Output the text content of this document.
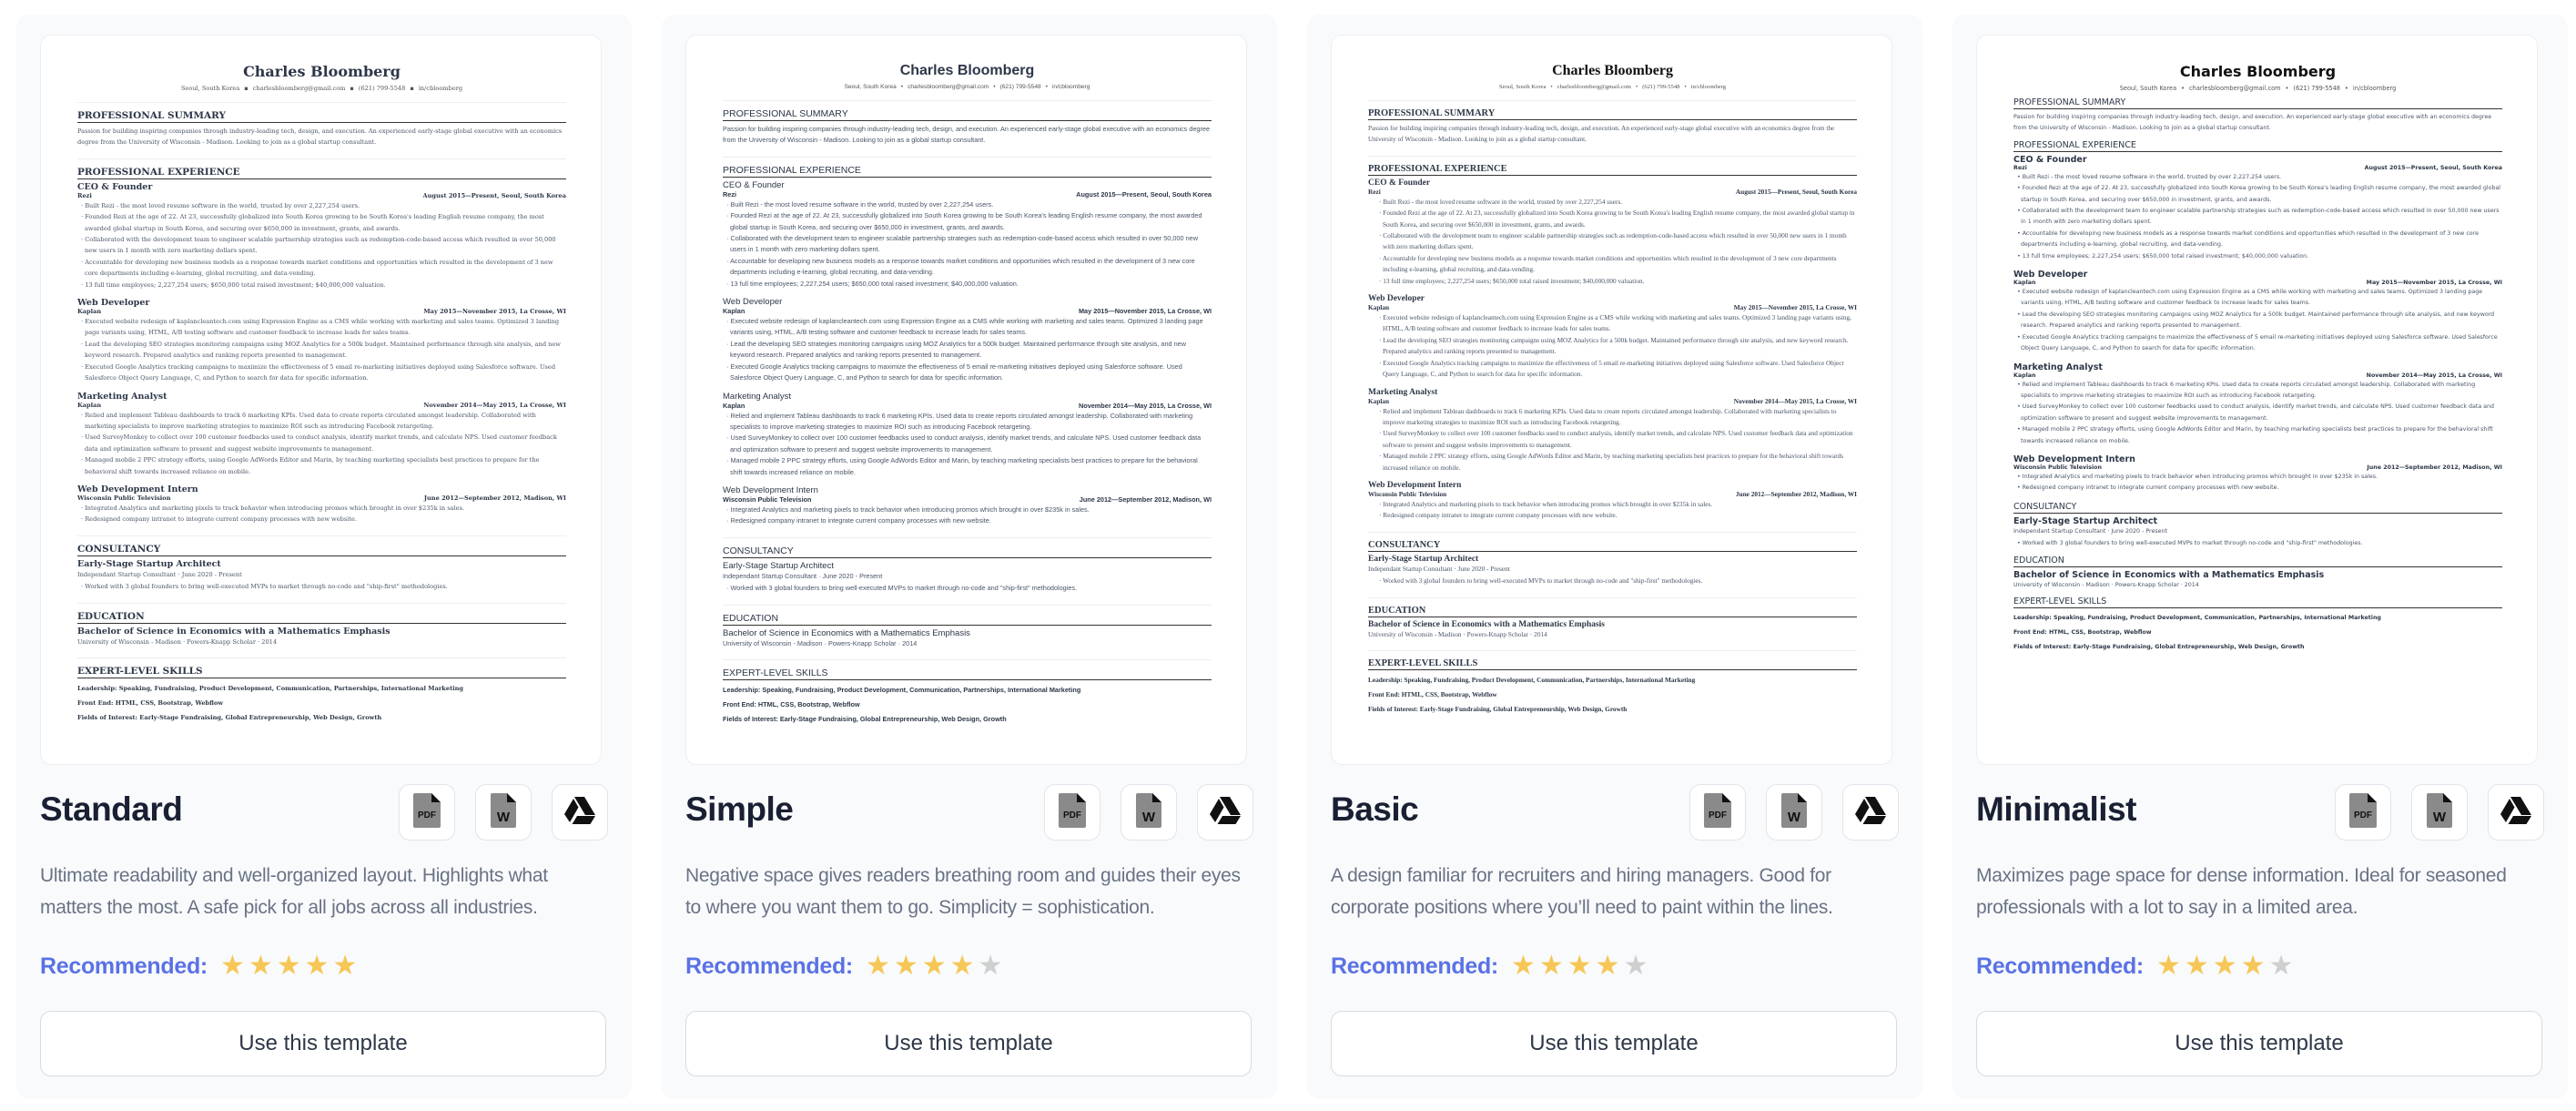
Charles Bloomberg
Seoul, South Korea ▪ charlesbloomberg@gmail.com ▪ (621) 799-5548 ▪ in/cbloomberg
PROFESSIONAL SUMMARY
Passion for building inspiring companies through industry-leading tech, design, and execution. An experienced early-stage global executive with an economics degree from the University of Wisconsin - Madison. Looking to join as a global startup consultant.
PROFESSIONAL EXPERIENCE
CEO & Founder
Rezi	August 2015—Present, Seoul, South Korea
· Built Rezi - the most loved resume software in the world, trusted by over 2,227,254 users.
· Founded Rezi at the age of 22. At 23, successfully globalized into South Korea growing to be South Korea's leading English resume company, the most awarded global startup in South Korea, and securing over $650,000 in investment, grants, and awards.
· Collaborated with the development team to engineer scalable partnership strategies such as redemption-code-based access which resulted in over 50,000 new users in 1 month with zero marketing dollars spent.
· Accountable for developing new business models as a response towards market conditions and opportunities which resulted in the development of 3 new core departments including e-learning, global recruiting, and data-vending.
· 13 full time employees; 2,227,254 users; $650,000 total raised investment; $40,000,000 valuation.
Web Developer
Kaplan	May 2015—November 2015, La Crosse, WI
· Executed website redesign of kaplancleantech.com using Expression Engine as a CMS while working with marketing and sales teams. Optimized 3 landing page variants using, HTML, A/B testing software and customer feedback to increase leads for sales teams.
· Lead the developing SEO strategies monitoring campaigns using MOZ Analytics for a 500k budget. Maintained performance through site analysis, and new keyword research. Prepared analytics and ranking reports presented to management.
· Executed Google Analytics tracking campaigns to maximize the effectiveness of 5 email re-marketing initiatives deployed using Salesforce software. Used Salesforce Object Query Language, C, and Python to search for data for specific information.
Marketing Analyst
Kaplan	November 2014—May 2015, La Crosse, WI
· Relied and implement Tableau dashboards to track 6 marketing KPIs. Used data to create reports circulated amongst leadership. Collaborated with marketing specialists to improve marketing strategies to maximize ROI such as introducing Facebook retargeting.
· Used SurveyMonkey to collect over 100 customer feedbacks used to conduct analysis, identify market trends, and calculate NPS. Used customer feedback data and optimization software to present and suggest website improvements to management.
· Managed mobile 2 PPC strategy efforts, using Google AdWords Editor and Marin, by teaching marketing specialists best practices to prepare for the behavioral shift towards increased reliance on mobile.
Web Development Intern
Wisconsin Public Television	June 2012—September 2012, Madison, WI
· Integrated Analytics and marketing pixels to track behavior when introducing promos which brought in over $235k in sales.
· Redesigned company intranet to integrate current company processes with new website.
CONSULTANCY
Early-Stage Startup Architect
Independant Startup Consultant · June 2020 - Present
· Worked with 3 global founders to bring well-executed MVPs to market through no-code and "ship-first" methodologies.
EDUCATION
Bachelor of Science in Economics with a Mathematics Emphasis
University of Wisconsin - Madison · Powers-Knapp Scholar · 2014
EXPERT-LEVEL SKILLS
Leadership: Speaking, Fundraising, Product Development, Communication, Partnerships, International Marketing
Front End: HTML, CSS, Bootstrap, Webflow
Fields of Interest: Early-Stage Fundraising, Global Entrepreneurship, Web Design, Growth
Standard	PDF	W
Ultimate readability and well-organized layout. Highlights what matters the most. A safe pick for all jobs across all industries.
Recommended: ★ ★ ★ ★ ★
Use this template
Charles Bloomberg
Seoul, South Korea • charlesbloomberg@gmail.com • (621) 799-5548 • in/cbloomberg
PROFESSIONAL SUMMARY
Passion for building inspiring companies through industry-leading tech, design, and execution. An experienced early-stage global executive with an economics degree from the University of Wisconsin - Madison. Looking to join as a global startup consultant.
PROFESSIONAL EXPERIENCE
CEO & Founder
Rezi	August 2015—Present, Seoul, South Korea
· Built Rezi - the most loved resume software in the world, trusted by over 2,227,254 users.
· Founded Rezi at the age of 22. At 23, successfully globalized into South Korea growing to be South Korea's leading English resume company, the most awarded global startup in South Korea, and securing over $650,000 in investment, grants, and awards.
· Collaborated with the development team to engineer scalable partnership strategies such as redemption-code-based access which resulted in over 50,000 new users in 1 month with zero marketing dollars spent.
· Accountable for developing new business models as a response towards market conditions and opportunities which resulted in the development of 3 new core departments including e-learning, global recruiting, and data-vending.
· 13 full time employees; 2,227,254 users; $650,000 total raised investment; $40,000,000 valuation.
Web Developer
Kaplan	May 2015—November 2015, La Crosse, WI
· Executed website redesign of kaplancleantech.com using Expression Engine as a CMS while working with marketing and sales teams. Optimized 3 landing page variants using, HTML, A/B testing software and customer feedback to increase leads for sales teams.
· Lead the developing SEO strategies monitoring campaigns using MOZ Analytics for a 500k budget. Maintained performance through site analysis, and new keyword research. Prepared analytics and ranking reports presented to management.
· Executed Google Analytics tracking campaigns to maximize the effectiveness of 5 email re-marketing initiatives deployed using Salesforce software. Used Salesforce Object Query Language, C, and Python to search for data for specific information.
Marketing Analyst
Kaplan	November 2014—May 2015, La Crosse, WI
· Relied and implement Tableau dashboards to track 6 marketing KPIs. Used data to create reports circulated amongst leadership. Collaborated with marketing specialists to improve marketing strategies to maximize ROI such as introducing Facebook retargeting.
· Used SurveyMonkey to collect over 100 customer feedbacks used to conduct analysis, identify market trends, and calculate NPS. Used customer feedback data and optimization software to present and suggest website improvements to management.
· Managed mobile 2 PPC strategy efforts, using Google AdWords Editor and Marin, by teaching marketing specialists best practices to prepare for the behavioral shift towards increased reliance on mobile.
Web Development Intern
Wisconsin Public Television	June 2012—September 2012, Madison, WI
· Integrated Analytics and marketing pixels to track behavior when introducing promos which brought in over $235k in sales.
· Redesigned company intranet to integrate current company processes with new website.
CONSULTANCY
Early-Stage Startup Architect
Independant Startup Consultant · June 2020 - Present
· Worked with 3 global founders to bring well-executed MVPs to market through no-code and "ship-first" methodologies.
EDUCATION
Bachelor of Science in Economics with a Mathematics Emphasis
University of Wisconsin - Madison · Powers-Knapp Scholar · 2014
EXPERT-LEVEL SKILLS
Leadership: Speaking, Fundraising, Product Development, Communication, Partnerships, International Marketing
Front End: HTML, CSS, Bootstrap, Webflow
Fields of Interest: Early-Stage Fundraising, Global Entrepreneurship, Web Design, Growth
Simple	PDF	W
Negative space gives readers breathing room and guides their eyes to where you want them to go. Simplicity = sophistication.
Recommended: ★ ★ ★ ★ ★
Use this template
Charles Bloomberg
Seoul, South Korea • charlesbloomberg@gmail.com • (621) 799-5548 • in/cbloomberg
PROFESSIONAL SUMMARY
Passion for building inspiring companies through industry-leading tech, design, and execution. An experienced early-stage global executive with an economics degree from the University of Wisconsin - Madison. Looking to join as a global startup consultant.
PROFESSIONAL EXPERIENCE
CEO & Founder
Rezi	August 2015—Present, Seoul, South Korea
· Built Rezi - the most loved resume software in the world, trusted by over 2,227,254 users.
· Founded Rezi at the age of 22. At 23, successfully globalized into South Korea growing to be South Korea's leading English resume company, the most awarded global startup in South Korea, and securing over $650,000 in investment, grants, and awards.
· Collaborated with the development team to engineer scalable partnership strategies such as redemption-code-based access which resulted in over 50,000 new users in 1 month with zero marketing dollars spent.
· Accountable for developing new business models as a response towards market conditions and opportunities which resulted in the development of 3 new core departments including e-learning, global recruiting, and data-vending.
· 13 full time employees; 2,227,254 users; $650,000 total raised investment; $40,000,000 valuation.
Web Developer
Kaplan	May 2015—November 2015, La Crosse, WI
· Executed website redesign of kaplancleantech.com using Expression Engine as a CMS while working with marketing and sales teams. Optimized 3 landing page variants using, HTML, A/B testing software and customer feedback to increase leads for sales teams.
· Lead the developing SEO strategies monitoring campaigns using MOZ Analytics for a 500k budget. Maintained performance through site analysis, and new keyword research. Prepared analytics and ranking reports presented to management.
· Executed Google Analytics tracking campaigns to maximize the effectiveness of 5 email re-marketing initiatives deployed using Salesforce software. Used Salesforce Object Query Language, C, and Python to search for data for specific information.
Marketing Analyst
Kaplan	November 2014—May 2015, La Crosse, WI
· Relied and implement Tableau dashboards to track 6 marketing KPIs. Used data to create reports circulated amongst leadership. Collaborated with marketing specialists to improve marketing strategies to maximize ROI such as introducing Facebook retargeting.
· Used SurveyMonkey to collect over 100 customer feedbacks used to conduct analysis, identify market trends, and calculate NPS. Used customer feedback data and optimization software to present and suggest website improvements to management.
· Managed mobile 2 PPC strategy efforts, using Google AdWords Editor and Marin, by teaching marketing specialists best practices to prepare for the behavioral shift towards increased reliance on mobile.
Web Development Intern
Wisconsin Public Television	June 2012—September 2012, Madison, WI
· Integrated Analytics and marketing pixels to track behavior when introducing promos which brought in over $235k in sales.
· Redesigned company intranet to integrate current company processes with new website.
CONSULTANCY
Early-Stage Startup Architect
Independant Startup Consultant · June 2020 - Present
· Worked with 3 global founders to bring well-executed MVPs to market through no-code and "ship-first" methodologies.
EDUCATION
Bachelor of Science in Economics with a Mathematics Emphasis
University of Wisconsin - Madison · Powers-Knapp Scholar · 2014
EXPERT-LEVEL SKILLS
Leadership: Speaking, Fundraising, Product Development, Communication, Partnerships, International Marketing
Front End: HTML, CSS, Bootstrap, Webflow
Fields of Interest: Early-Stage Fundraising, Global Entrepreneurship, Web Design, Growth
Basic	PDF	W
A design familiar for recruiters and hiring managers. Good for corporate positions where you’ll need to paint within the lines.
Recommended: ★ ★ ★ ★ ★
Use this template
Charles Bloomberg
Seoul, South Korea • charlesbloomberg@gmail.com • (621) 799-5548 • in/cbloomberg
PROFESSIONAL SUMMARY
Passion for building inspiring companies through industry-leading tech, design, and execution. An experienced early-stage global executive with an economics degree from the University of Wisconsin - Madison. Looking to join as a global startup consultant.
PROFESSIONAL EXPERIENCE
CEO & Founder
Rezi	August 2015—Present, Seoul, South Korea
• Built Rezi - the most loved resume software in the world, trusted by over 2,227,254 users.
• Founded Rezi at the age of 22. At 23, successfully globalized into South Korea growing to be South Korea's leading English resume company, the most awarded global startup in South Korea, and securing over $650,000 in investment, grants, and awards.
• Collaborated with the development team to engineer scalable partnership strategies such as redemption-code-based access which resulted in over 50,000 new users in 1 month with zero marketing dollars spent.
• Accountable for developing new business models as a response towards market conditions and opportunities which resulted in the development of 3 new core departments including e-learning, global recruiting, and data-vending.
• 13 full time employees; 2,227,254 users; $650,000 total raised investment; $40,000,000 valuation.
Web Developer
Kaplan	May 2015—November 2015, La Crosse, WI
• Executed website redesign of kaplancleantech.com using Expression Engine as a CMS while working with marketing and sales teams. Optimized 3 landing page variants using, HTML, A/B testing software and customer feedback to increase leads for sales teams.
• Lead the developing SEO strategies monitoring campaigns using MOZ Analytics for a 500k budget. Maintained performance through site analysis, and new keyword research. Prepared analytics and ranking reports presented to management.
• Executed Google Analytics tracking campaigns to maximize the effectiveness of 5 email re-marketing initiatives deployed using Salesforce software. Used Salesforce Object Query Language, C, and Python to search for data for specific information.
Marketing Analyst
Kaplan	November 2014—May 2015, La Crosse, WI
• Relied and implement Tableau dashboards to track 6 marketing KPIs. Used data to create reports circulated amongst leadership. Collaborated with marketing specialists to improve marketing strategies to maximize ROI such as introducing Facebook retargeting.
• Used SurveyMonkey to collect over 100 customer feedbacks used to conduct analysis, identify market trends, and calculate NPS. Used customer feedback data and optimization software to present and suggest website improvements to management.
• Managed mobile 2 PPC strategy efforts, using Google AdWords Editor and Marin, by teaching marketing specialists best practices to prepare for the behavioral shift towards increased reliance on mobile.
Web Development Intern
Wisconsin Public Television	June 2012—September 2012, Madison, WI
• Integrated Analytics and marketing pixels to track behavior when introducing promos which brought in over $235k in sales.
• Redesigned company intranet to integrate current company processes with new website.
CONSULTANCY
Early-Stage Startup Architect
Independant Startup Consultant · June 2020 - Present
• Worked with 3 global founders to bring well-executed MVPs to market through no-code and "ship-first" methodologies.
EDUCATION
Bachelor of Science in Economics with a Mathematics Emphasis
University of Wisconsin - Madison · Powers-Knapp Scholar · 2014
EXPERT-LEVEL SKILLS
Leadership: Speaking, Fundraising, Product Development, Communication, Partnerships, International Marketing
Front End: HTML, CSS, Bootstrap, Webflow
Fields of Interest: Early-Stage Fundraising, Global Entrepreneurship, Web Design, Growth
Minimalist	PDF	W
Maximizes page space for dense information. Ideal for seasoned professionals with a lot to say in a limited area.
Recommended: ★ ★ ★ ★ ★
Use this template
